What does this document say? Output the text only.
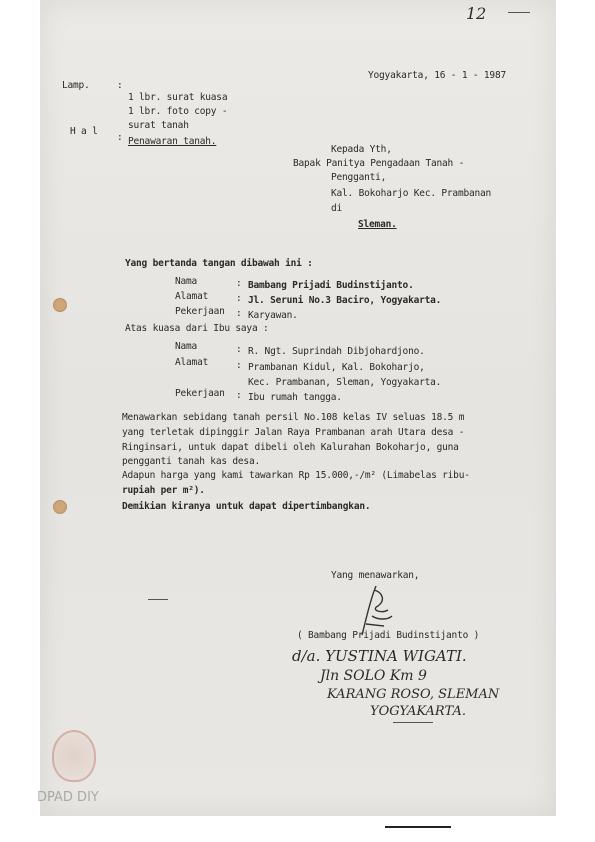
12
Yogyakarta, 16 - 1 - 1987
Lamp.	:
1 lbr. surat kuasa
1 lbr. foto copy -
surat tanah
H a l
: Penawaran tanah.
Kepada Yth,
Bapak Panitya Pengadaan Tanah -
Pengganti,
Kal. Bokoharjo Kec. Prambanan
di
Sleman.
Yang bertanda tangan dibawah ini :
Nama	: Bambang Prijadi Budinstijanto.
Alamat	: Jl. Seruni No.3 Baciro, Yogyakarta.
Pekerjaan : Karyawan.
Atas kuasa dari Ibu saya :
Nama	: R. Ngt. Suprindah Dibjohardjono.
Alamat	: Prambanan Kidul, Kal. Bokoharjo,
Kec. Prambanan, Sleman, Yogyakarta.
Pekerjaan : Ibu rumah tangga.
Menawarkan sebidang tanah persil No.108 kelas IV seluas 18.5 m
yang terletak dipinggir Jalan Raya Prambanan arah Utara desa -
Ringinsari, untuk dapat dibeli oleh Kalurahan Bokoharjo, guna
pengganti tanah kas desa.
Adapun harga yang kami tawarkan Rp 15.000,-/m² (Limabelas ribu-
rupiah per m²).
Demikian kiranya untuk dapat dipertimbangkan.
Yang menawarkan,
( Bambang Prijadi Budinstijanto )
d/a. YUSTINA WIGATI.
Jln SOLO Km 9
KARANG ROSO, SLEMAN
YOGYAKARTA.
DPAD DIY
